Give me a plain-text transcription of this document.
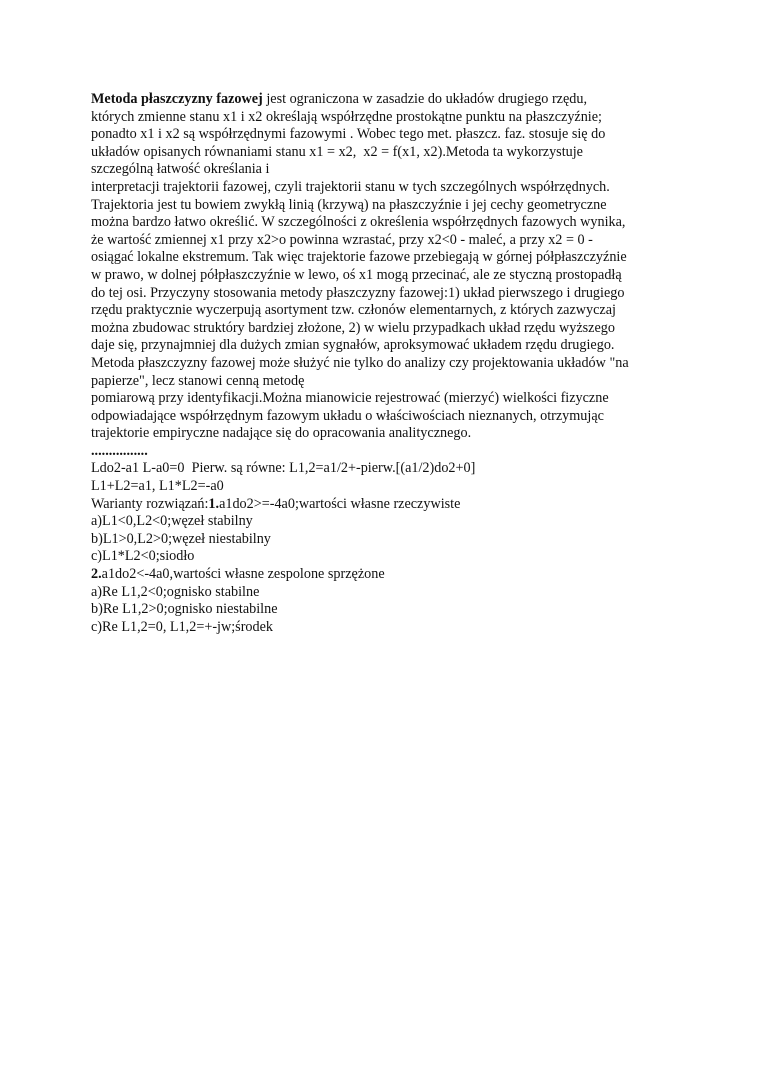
Metoda płaszczyzny fazowej jest ograniczona w zasadzie do układów drugiego rzędu,
których zmienne stanu x1 i x2 określają współrzędne prostokątne punktu na płaszczyźnie;
ponadto x1 i x2 są współrzędnymi fazowymi . Wobec tego met. płaszcz. faz. stosuje się do
układów opisanych równaniami stanu x1 = x2,  x2 = f(x1, x2).Metoda ta wykorzystuje
szczególną łatwość określania i
interpretacji trajektorii fazowej, czyli trajektorii stanu w tych szczególnych współrzędnych.
Trajektoria jest tu bowiem zwykłą linią (krzywą) na płaszczyźnie i jej cechy geometryczne
można bardzo łatwo określić. W szczególności z określenia współrzędnych fazowych wynika,
że wartość zmiennej x1 przy x2>o powinna wzrastać, przy x2<0 - maleć, a przy x2 = 0 -
osiągać lokalne ekstremum. Tak więc trajektorie fazowe przebiegają w górnej półpłaszczyźnie
w prawo, w dolnej półpłaszczyźnie w lewo, oś x1 mogą przecinać, ale ze styczną prostopadłą
do tej osi. Przyczyny stosowania metody płaszczyzny fazowej:1) układ pierwszego i drugiego
rzędu praktycznie wyczerpują asortyment tzw. członów elementarnych, z których zazwyczaj
można zbudowac struktóry bardziej złożone, 2) w wielu przypadkach układ rzędu wyższego
daje się, przynajmniej dla dużych zmian sygnałów, aproksymować układem rzędu drugiego.
Metoda płaszczyzny fazowej może służyć nie tylko do analizy czy projektowania układów "na
papierze", lecz stanowi cenną metodę
pomiarową przy identyfikacji.Można mianowicie rejestrować (mierzyć) wielkości fizyczne
odpowiadające współrzędnym fazowym układu o właściwościach nieznanych, otrzymując
trajektorie empiryczne nadające się do opracowania analitycznego.
................
Ldo2-a1 L-a0=0  Pierw. są równe: L1,2=a1/2+-pierw.[(a1/2)do2+0]
L1+L2=a1, L1*L2=-a0
Warianty rozwiązań:1.a1do2>=-4a0;wartości własne rzeczywiste
a)L1<0,L2<0;węzeł stabilny
b)L1>0,L2>0;węzeł niestabilny
c)L1*L2<0;siodło
2.a1do2<-4a0,wartości własne zespolone sprzężone
a)Re L1,2<0;ognisko stabilne
b)Re L1,2>0;ognisko niestabilne
c)Re L1,2=0, L1,2=+-jw;środek
